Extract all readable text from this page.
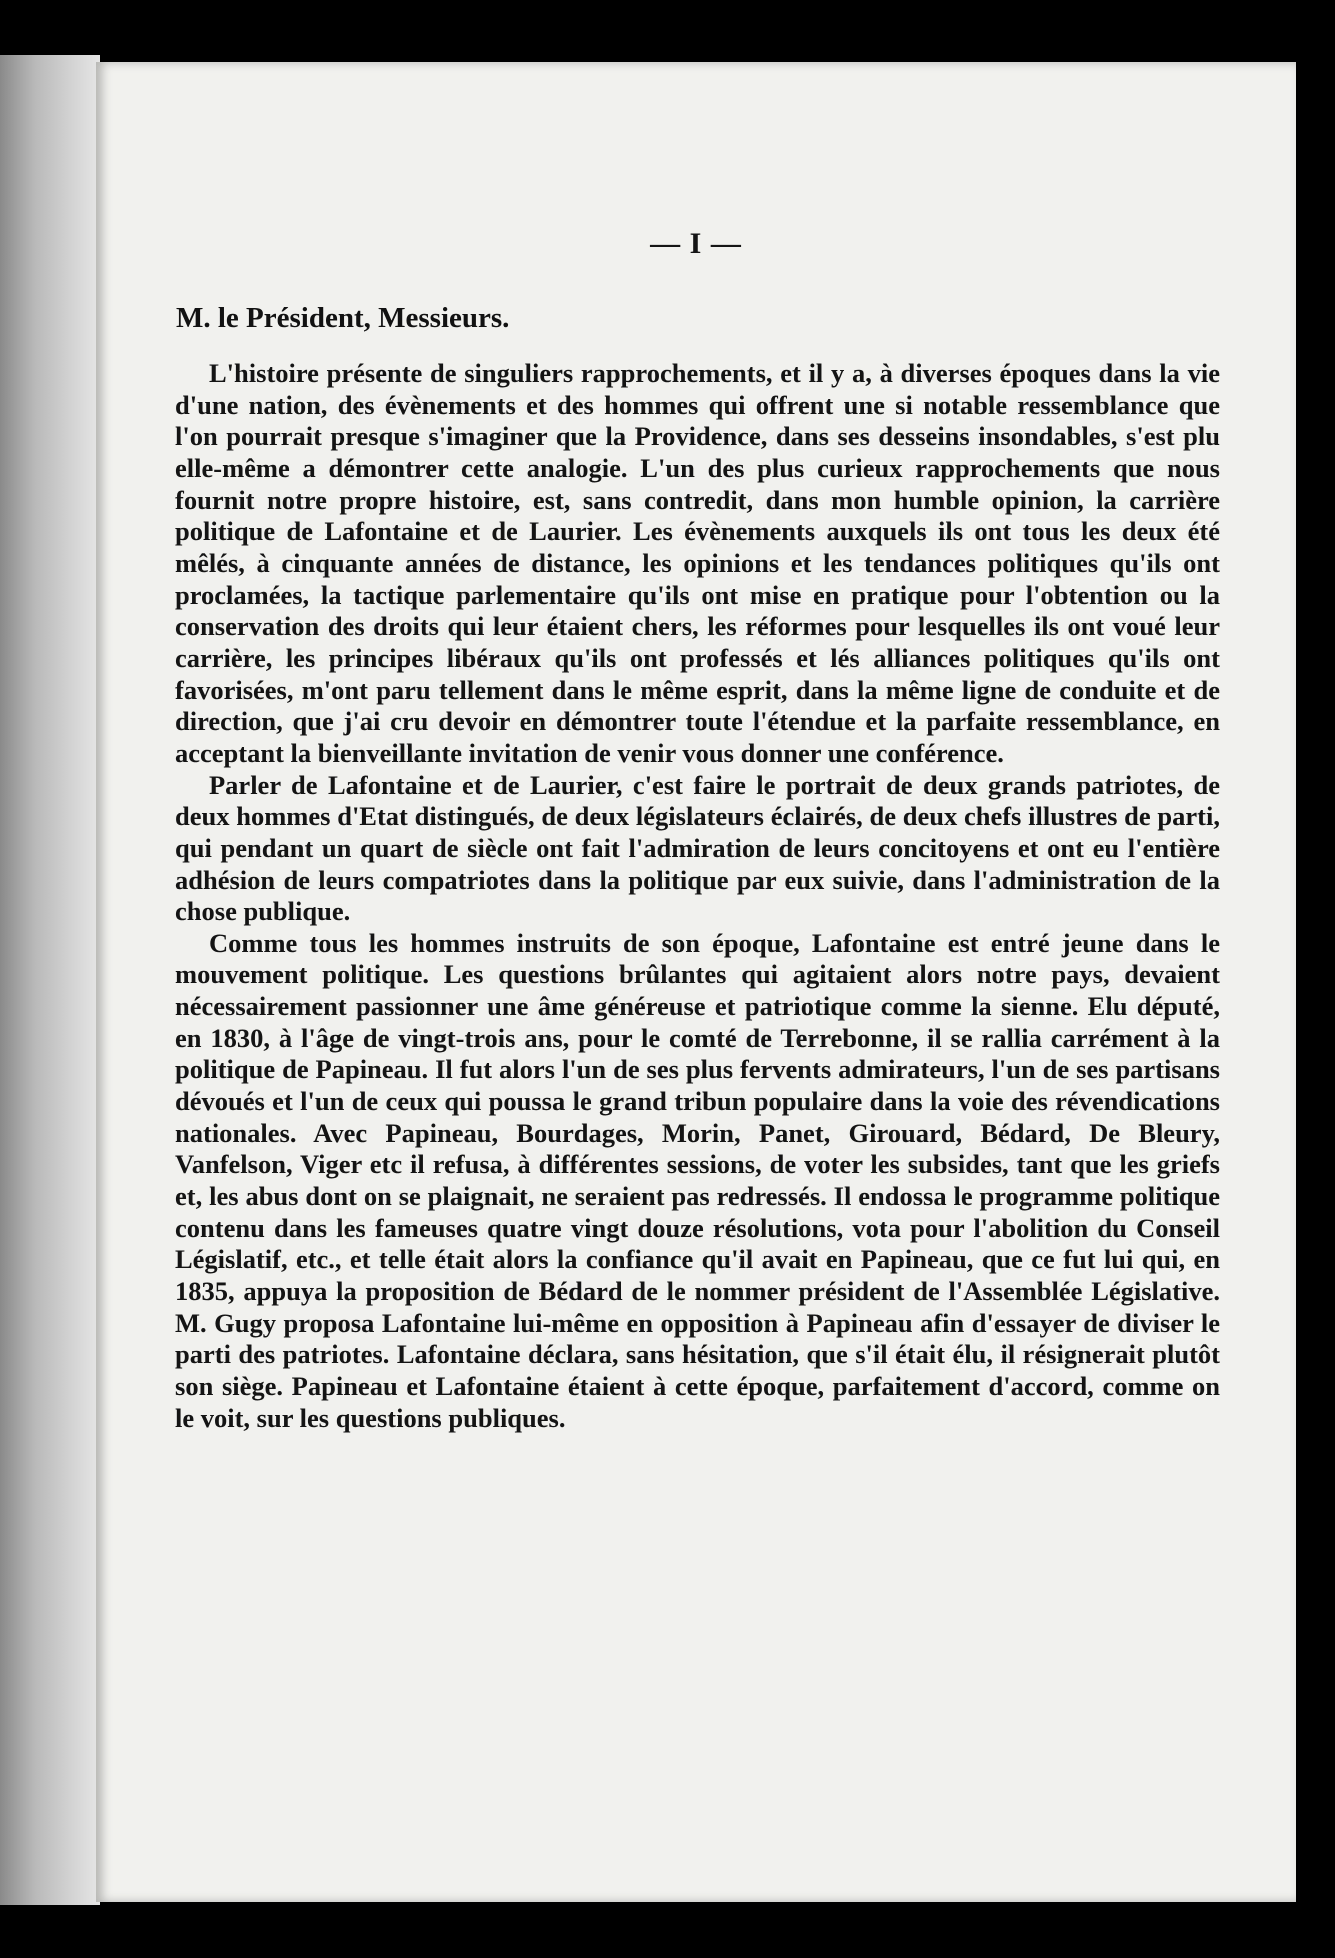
— I —
M. le Président, Messieurs.

L'histoire présente de singuliers rapprochements, et il y a, à diverses époques dans la vie d'une nation, des évènements et des hommes qui offrent une si notable ressemblance que l'on pourrait presque s'imaginer que la Providence, dans ses desseins insondables, s'est plu elle-même a démontrer cette analogie. L'un des plus curieux rapprochements que nous fournit notre propre histoire, est, sans contredit, dans mon humble opinion, la carrière politique de Lafontaine et de Laurier. Les évènements auxquels ils ont tous les deux été mêlés, à cinquante années de distance, les opinions et les tendances politiques qu'ils ont proclamées, la tactique parlementaire qu'ils ont mise en pratique pour l'obtention ou la conservation des droits qui leur étaient chers, les réformes pour lesquelles ils ont voué leur carrière, les principes libéraux qu'ils ont professés et lés alliances politiques qu'ils ont favorisées, m'ont paru tellement dans le même esprit, dans la même ligne de conduite et de direction, que j'ai cru devoir en démontrer toute l'étendue et la parfaite ressemblance, en acceptant la bienveillante invitation de venir vous donner une conférence.

Parler de Lafontaine et de Laurier, c'est faire le portrait de deux grands patriotes, de deux hommes d'Etat distingués, de deux législateurs éclairés, de deux chefs illustres de parti, qui pendant un quart de siècle ont fait l'admiration de leurs concitoyens et ont eu l'entière adhésion de leurs compatriotes dans la politique par eux suivie, dans l'administration de la chose publique.

Comme tous les hommes instruits de son époque, Lafontaine est entré jeune dans le mouvement politique. Les questions brûlantes qui agitaient alors notre pays, devaient nécessairement passionner une âme généreuse et patriotique comme la sienne. Elu député, en 1830, à l'âge de vingt-trois ans, pour le comté de Terrebonne, il se rallia carrément à la politique de Papineau. Il fut alors l'un de ses plus fervents admirateurs, l'un de ses partisans dévoués et l'un de ceux qui poussa le grand tribun populaire dans la voie des révendications nationales. Avec Papineau, Bourdages, Morin, Panet, Girouard, Bédard, De Bleury, Vanfelson, Viger etc il refusa, à différentes sessions, de voter les subsides, tant que les griefs et, les abus dont on se plaignait, ne seraient pas redressés. Il endossa le programme politique contenu dans les fameuses quatre vingt douze résolutions, vota pour l'abolition du Conseil Législatif, etc., et telle était alors la confiance qu'il avait en Papineau, que ce fut lui qui, en 1835, appuya la proposition de Bédard de le nommer président de l'Assemblée Législative. M. Gugy proposa Lafontaine lui-même en opposition à Papineau afin d'essayer de diviser le parti des patriotes. Lafontaine déclara, sans hésitation, que s'il était élu, il résignerait plutôt son siège. Papineau et Lafontaine étaient à cette époque, parfaitement d'accord, comme on le voit, sur les questions publiques.
